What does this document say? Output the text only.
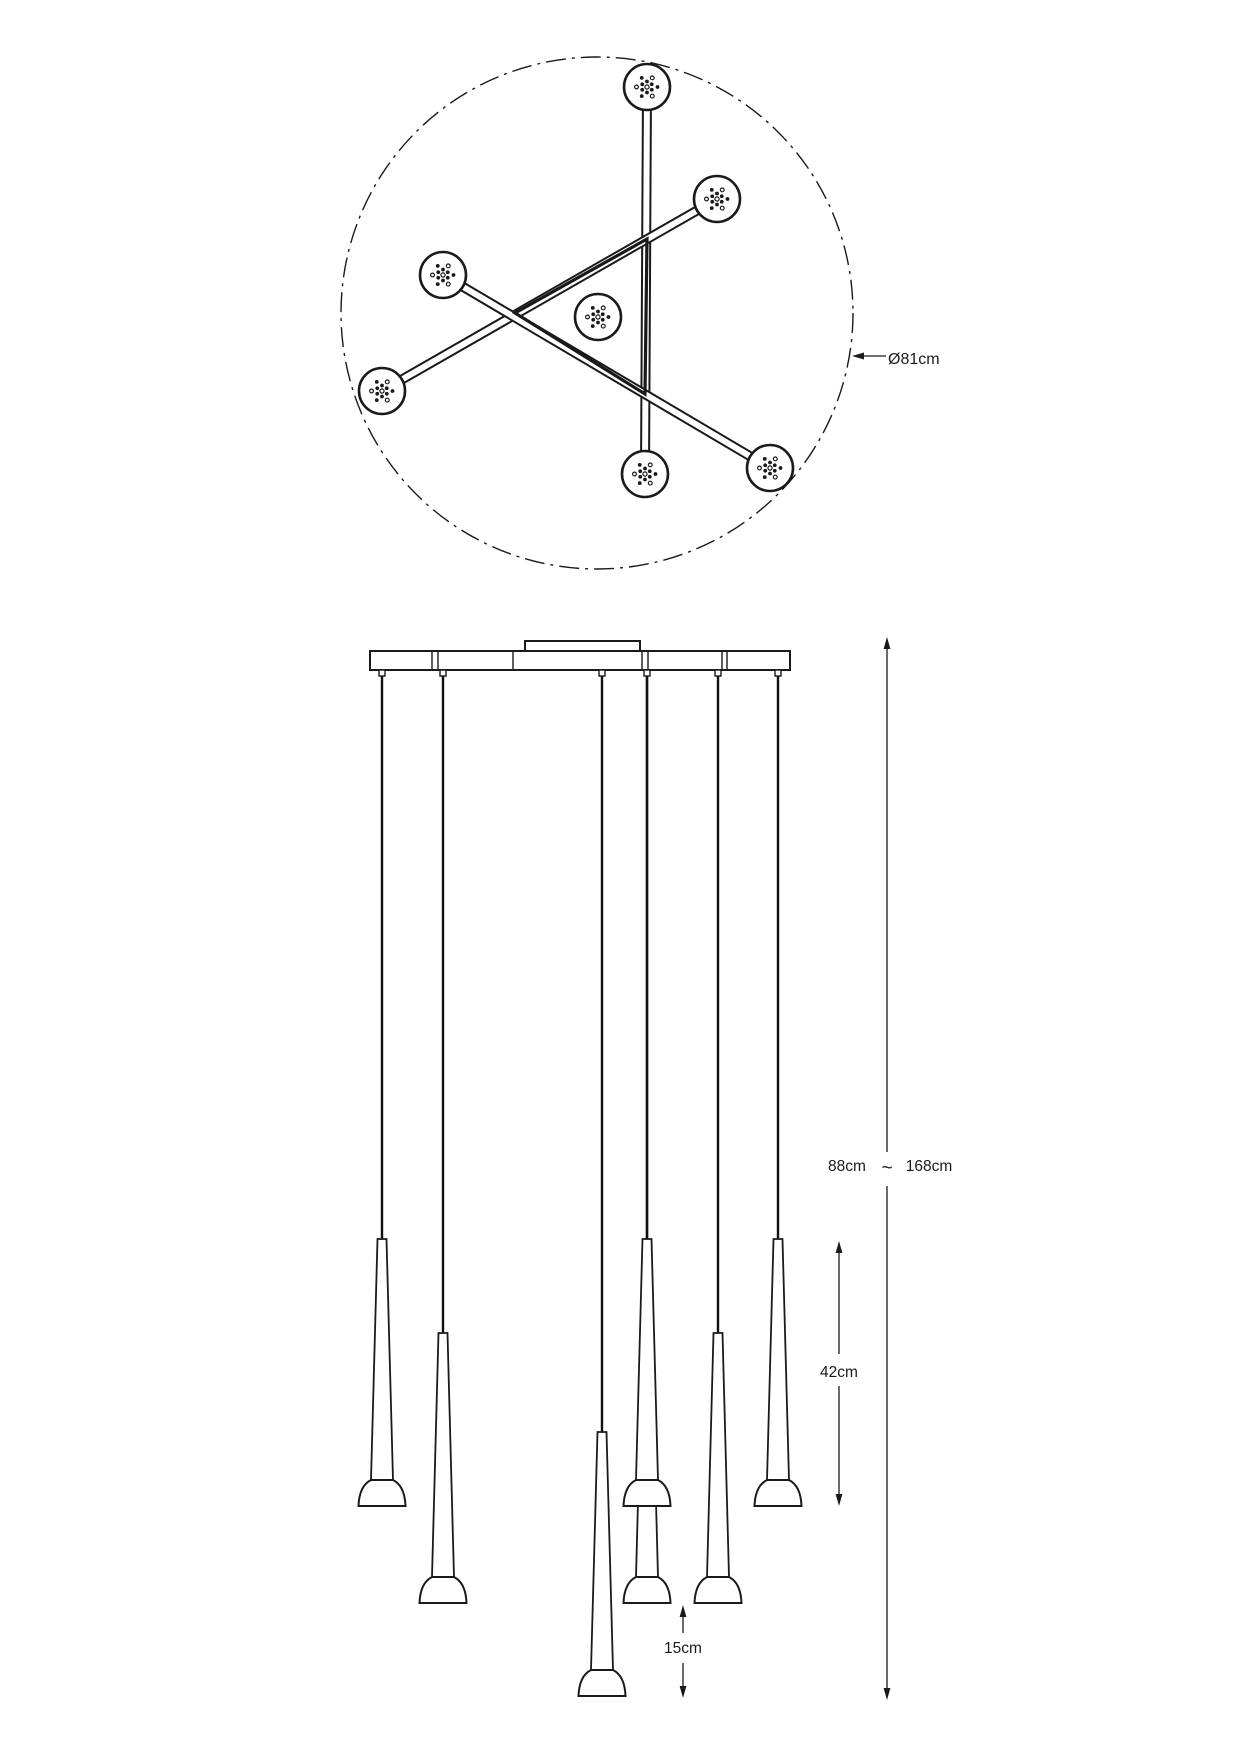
Ø81cm
88cm ~ 168cm
42cm
15cm
